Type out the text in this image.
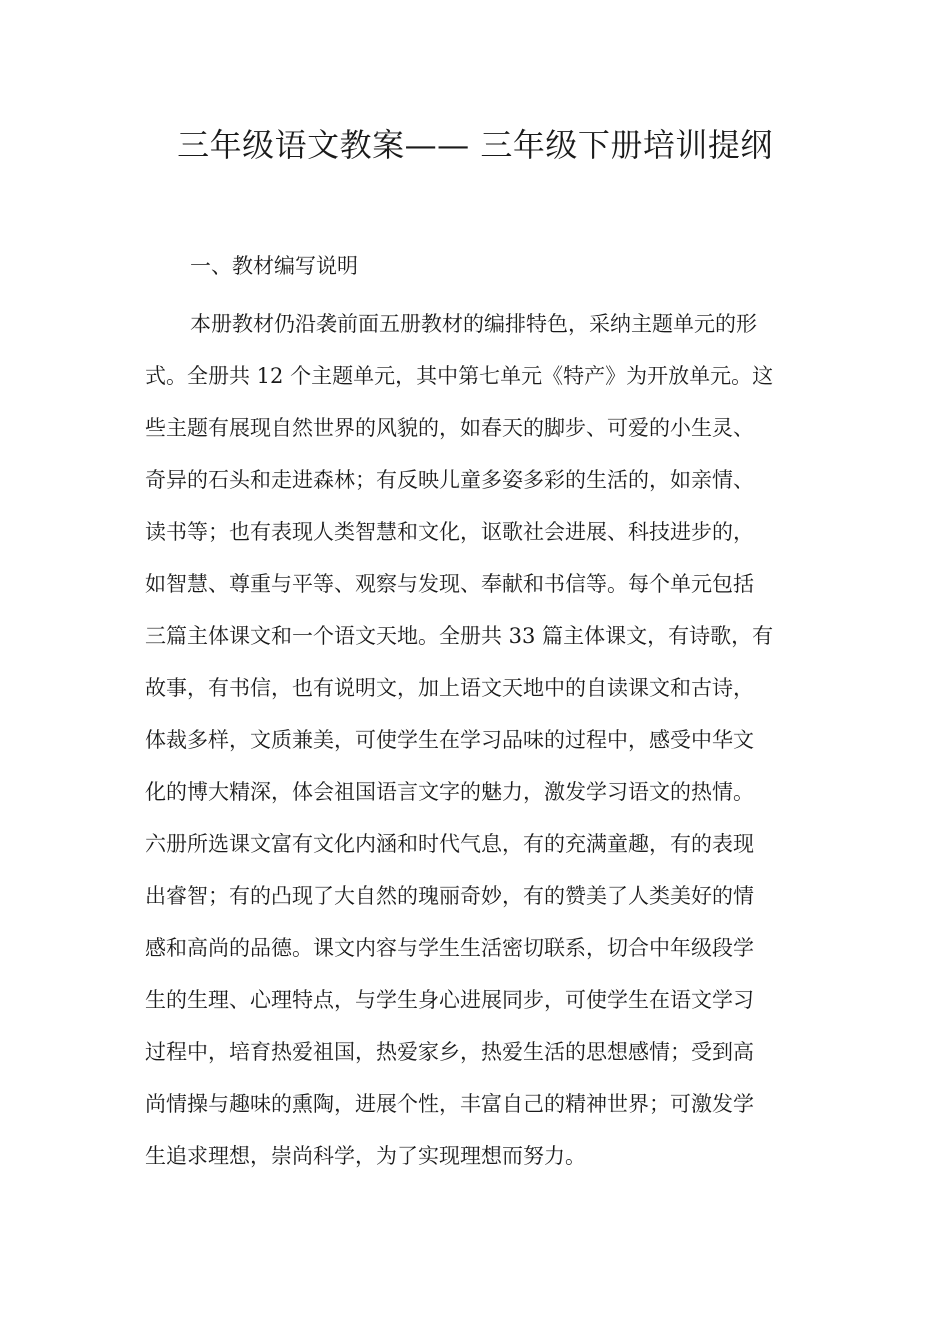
三年级语文教案—— 三年级下册培训提纲
一、教材编写说明
本册教材仍沿袭前面五册教材的编排特色，采纳主题单元的形
式。全册共 12 个主题单元，其中第七单元《特产》为开放单元。这
些主题有展现自然世界的风貌的，如春天的脚步、可爱的小生灵、
奇异的石头和走进森林；有反映儿童多姿多彩的生活的，如亲情、
读书等；也有表现人类智慧和文化，讴歌社会进展、科技进步的，
如智慧、尊重与平等、观察与发现、奉献和书信等。每个单元包括
三篇主体课文和一个语文天地。全册共 33 篇主体课文，有诗歌，有
故事，有书信，也有说明文，加上语文天地中的自读课文和古诗，
体裁多样，文质兼美，可使学生在学习品味的过程中，感受中华文
化的博大精深，体会祖国语言文字的魅力，激发学习语文的热情。
六册所选课文富有文化内涵和时代气息，有的充满童趣，有的表现
出睿智；有的凸现了大自然的瑰丽奇妙，有的赞美了人类美好的情
感和高尚的品德。课文内容与学生生活密切联系，切合中年级段学
生的生理、心理特点，与学生身心进展同步，可使学生在语文学习
过程中，培育热爱祖国，热爱家乡，热爱生活的思想感情；受到高
尚情操与趣味的熏陶，进展个性，丰富自己的精神世界；可激发学
生追求理想，崇尚科学，为了实现理想而努力。
